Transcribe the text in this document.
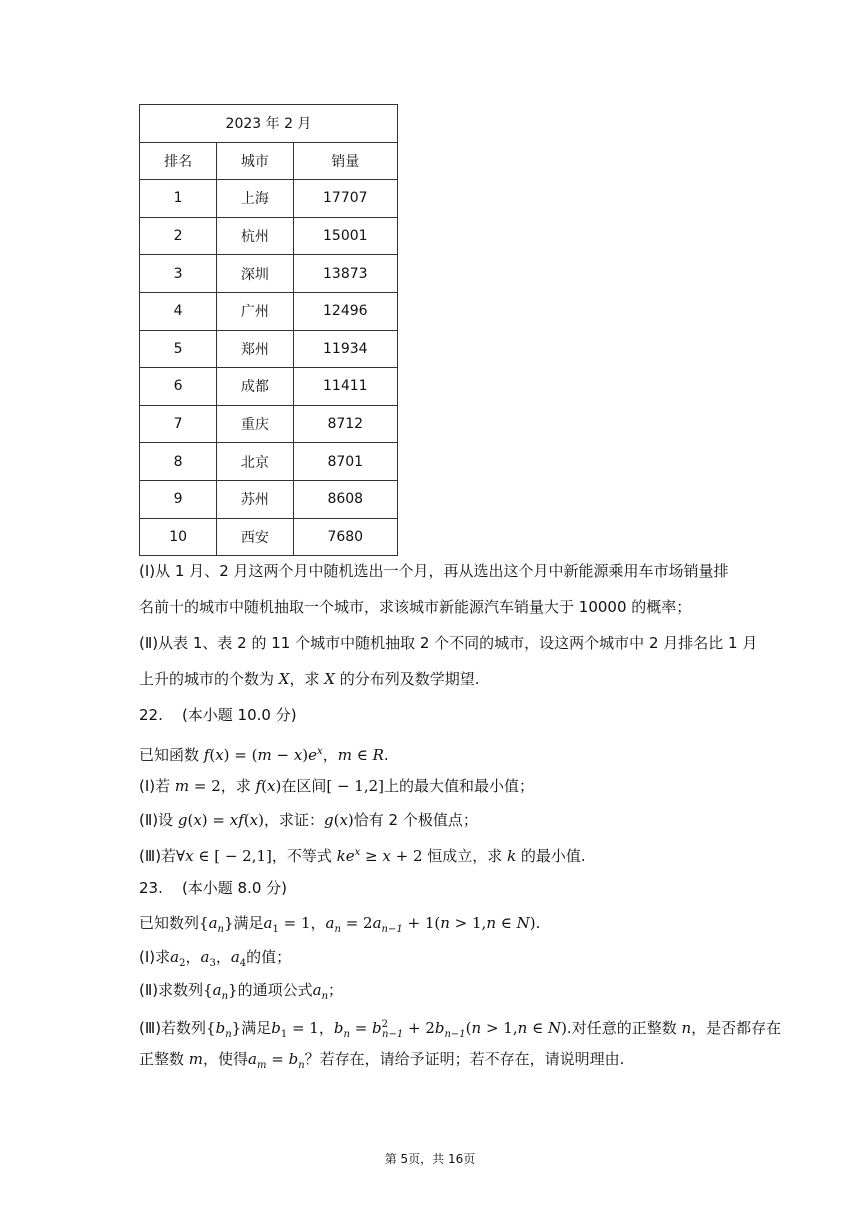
2023 年 2 月		
排名	城市	销量
1	上海	17707
2	杭州	15001
3	深圳	13873
4	广州	12496
5	郑州	11934
6	成都	11411
7	重庆	8712
8	北京	8701
9	苏州	8608
10	西安	7680
(Ⅰ)从 1 月、2 月这两个月中随机选出一个月，再从选出这个月中新能源乘用车市场销量排
名前十的城市中随机抽取一个城市，求该城市新能源汽车销量大于 10000 的概率；
(Ⅱ)从表 1、表 2 的 11 个城市中随机抽取 2 个不同的城市，设这两个城市中 2 月排名比 1 月
上升的城市的个数为 X，求 X 的分布列及数学期望.
22. (本小题 10.0 分)
已知函数 $f(x) = (m - x)e^x$，m ∈ R.
(Ⅰ)若 m = 2，求 f(x)在区间[ − 1,2]上的最大值和最小值；
(Ⅱ)设 g(x) = xf(x)，求证：g(x)恰有 2 个极值点；
(Ⅲ)若∀x ∈ [ − 2,1]，不等式 $ke^x \ge x + 2$ 恒成立，求 k 的最小值.
23. (本小题 8.0 分)
已知数列$\{a_n\}$满足$a_1 = 1$，$a_n = 2a_{n-1} + 1(n > 1,n$ ∈ N).
(Ⅰ)求$a_2$，$a_3$，$a_4$的值；
(Ⅱ)求数列$\{a_n\}$的通项公式$a_n$；
(Ⅲ)若数列$\{b_n\}$满足$b_1 = 1$，$b_n = b^2_{n-1} + 2b_{n-1}(n > 1,n$ ∈ N).对任意的正整数 n，是否都存在
正整数 m，使得$a_m = b_n$？若存在，请给予证明；若不存在，请说明理由.
第 5页，共 16页
